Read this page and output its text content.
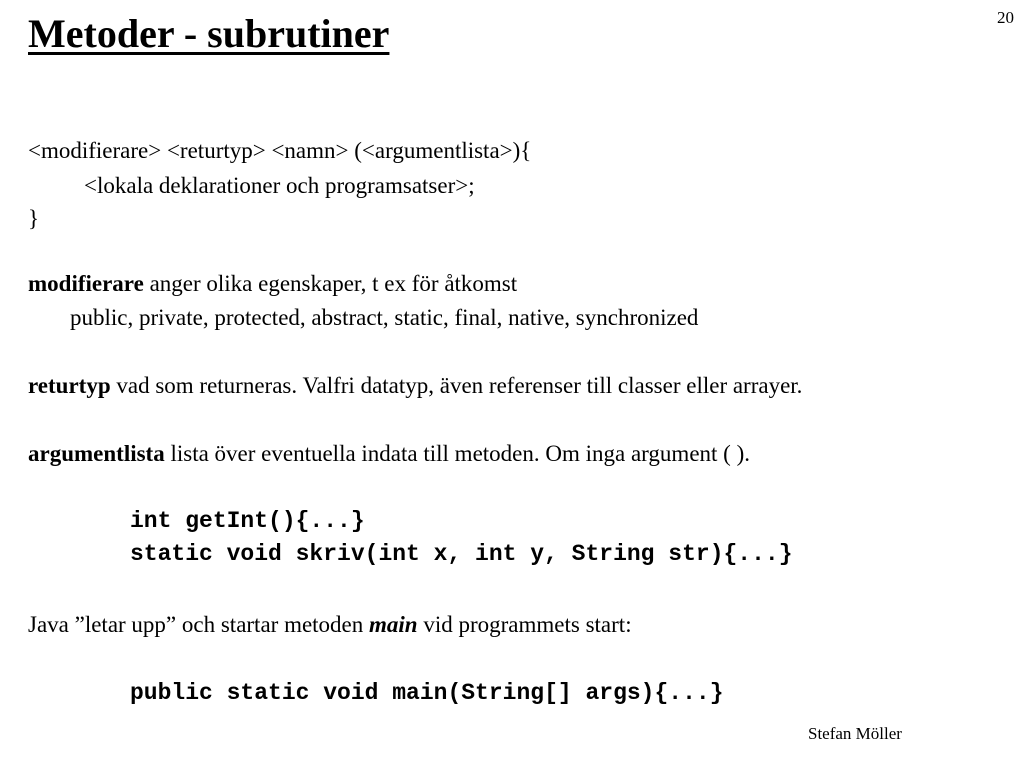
Metoder - subrutiner	20
<modifierare> <returtyp> <namn> (<argumentlista>){
<lokala deklarationer och programsatser>;
}
modifierare anger olika egenskaper, t ex för åtkomst
public, private, protected, abstract, static, final, native, synchronized
returtyp vad som returneras. Valfri datatyp, även referenser till classer eller arrayer.
argumentlista lista över eventuella indata till metoden. Om inga argument ( ).
int getInt(){...}
static void skriv(int x, int y, String str){...}
Java ”letar upp” och startar metoden main vid programmets start:
public static void main(String[] args){...}
Stefan Möller
